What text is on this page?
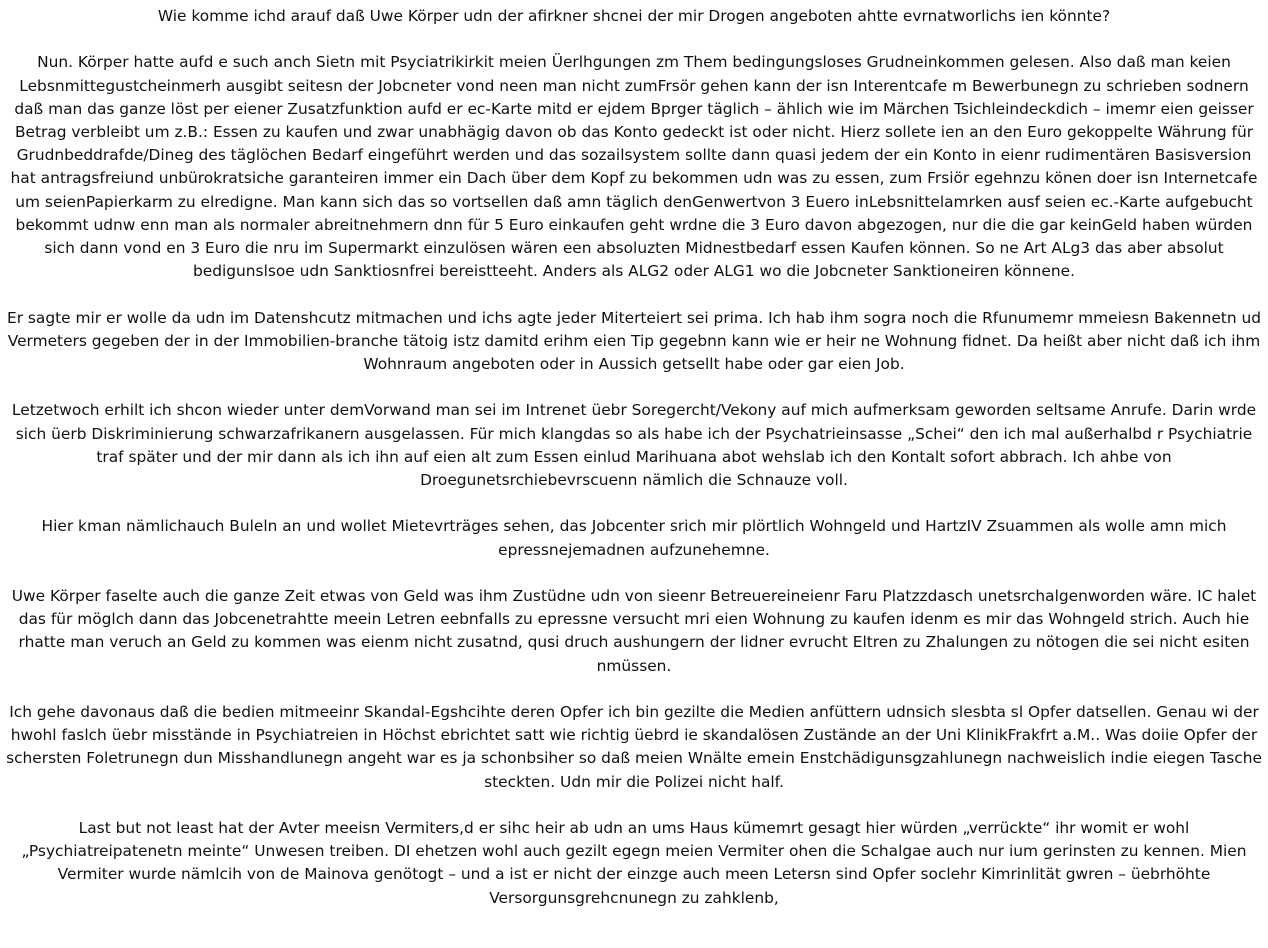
Wie komme ichd arauf daß Uwe Körper udn der afirkner shcnei der mir Drogen angeboten ahtte evrnatworlichs ien könnte?

Nun. Körper hatte aufd e such anch Sietn mit Psyciatrikirkit meien Üerlhgungen zm Them bedingungsloses Grudneinkommen gelesen. Also daß man keien Lebsnmittegustcheinmerh ausgibt seitesn der Jobcneter vond neen man nicht zumFrsör gehen kann der isn Interentcafe m Bewerbunegn zu schrieben sodnern daß man das ganze löst per eiener Zusatzfunktion aufd er ec-Karte mitd er ejdem Bprger täglich – ählich wie im Märchen Tsichleindeckdich – imemr eien geisser Betrag verbleibt um z.B.: Essen zu kaufen und zwar unabhägig davon ob das Konto gedeckt ist oder nicht. Hierz sollete ien an den Euro gekoppelte Währung für Grudnbeddrafde/Dineg des täglöchen Bedarf eingeführt werden und das sozailsystem sollte dann quasi jedem der ein Konto in eienr rudimentären Basisversion hat antragsfreiund unbürokratsiche garanteiren immer ein Dach über dem Kopf zu bekommen udn was zu essen, zum Frsiör egehnzu könen doer isn Internetcafe um seienPapierkarm zu elredigne. Man kann sich das so vortsellen daß amn täglich denGenwertvon 3 Euero inLebsnittelamrken ausf seien ec.-Karte aufgebucht bekommt udnw enn man als normaler abreitnehmern dnn für 5 Euro einkaufen geht wrdne die 3 Euro davon abgezogen, nur die die gar keinGeld haben würden sich dann vond en 3 Euro die nru im Supermarkt einzulösen wären een absoluzten Midnestbedarf essen Kaufen können. So ne Art ALg3 das aber absolut bedigunslsoe udn Sanktiosnfrei bereistteeht. Anders als ALG2 oder ALG1 wo die Jobcneter Sanktioneiren könnene.

Er sagte mir er wolle da udn im Datenshcutz mitmachen und ichs agte jeder Miterteiert sei prima. Ich hab ihm sogra noch die Rfunumemr mmeiesn Bakennetn ud Vermeters gegeben der in der Immobilien-branche tätoig istz damitd erihm eien Tip gegebnn kann wie er heir ne Wohnung fidnet. Da heißt aber nicht daß ich ihm Wohnraum angeboten oder in Aussich getsellt habe oder gar eien Job.

Letzetwoch erhilt ich shcon wieder unter demVorwand man sei im Intrenet üebr Soregercht/Vekony auf mich aufmerksam geworden seltsame Anrufe. Darin wrde sich üerb Diskriminierung schwarzafrikanern ausgelassen. Für mich klangdas so als habe ich der Psychatrieinsasse „Schei“ den ich mal außerhalbd r Psychiatrie traf später und der mir dann als ich ihn auf eien alt zum Essen einlud Marihuana abot wehslab ich den Kontalt sofort abbrach. Ich ahbe von Droegunetsrchiebevrscuenn nämlich die Schnauze voll.

Hier kman nämlichauch Buleln an und wollet Mietevrträges sehen, das Jobcenter srich mir plörtlich Wohngeld und HartzIV Zsuammen als wolle amn mich epressnejemadnen aufzunehemne.

Uwe Körper faselte auch die ganze Zeit etwas von Geld was ihm Zustüdne udn von sieenr Betreuereineienr Faru Platzzdasch unetsrchalgenworden wäre. IC halet das für möglch dann das Jobcenetrahtte meein Letren eebnfalls zu epressne versucht mri eien Wohnung zu kaufen idenm es mir das Wohngeld strich. Auch hie rhatte man veruch an Geld zu kommen was eienm nicht zusatnd, qusi druch aushungern der lidner evrucht Eltren zu Zhalungen zu nötogen die sei nicht esiten nmüssen.

Ich gehe davonaus daß die bedien mitmeeinr Skandal-Egshcihte deren Opfer ich bin gezilte die Medien anfüttern udnsich slesbta sl Opfer datsellen. Genau wi der hwohl faslch üebr misstände in Psychiatreien in Höchst ebrichtet satt wie richtig üebrd ie skandalösen Zustände an der Uni KlinikFrakfrt a.M.. Was doiie Opfer der schersten Foletrunegn dun Misshandlunegn angeht war es ja schonbsiher so daß meien Wnälte emein Enstchädigunsgzahlunegn nachweislich indie eiegen Tasche steckten. Udn mir die Polizei nicht half.

Last but not least hat der Avter meeisn Vermiters,d er sihc heir ab udn an ums Haus kümemrt gesagt hier würden „verrückte“ ihr womit er wohl „Psychiatreipatenetn meinte“ Unwesen treiben. DI ehetzen wohl auch gezilt egegn meien Vermiter ohen die Schalgae auch nur ium gerinsten zu kennen. Mien Vermiter wurde nämlcih von de Mainova genötogt – und a ist er nicht der einzge auch meen Letersn sind Opfer soclehr Kimrinlität gwren – üebrhöhte Versorgunsgrehcnunegn zu zahklenb,
